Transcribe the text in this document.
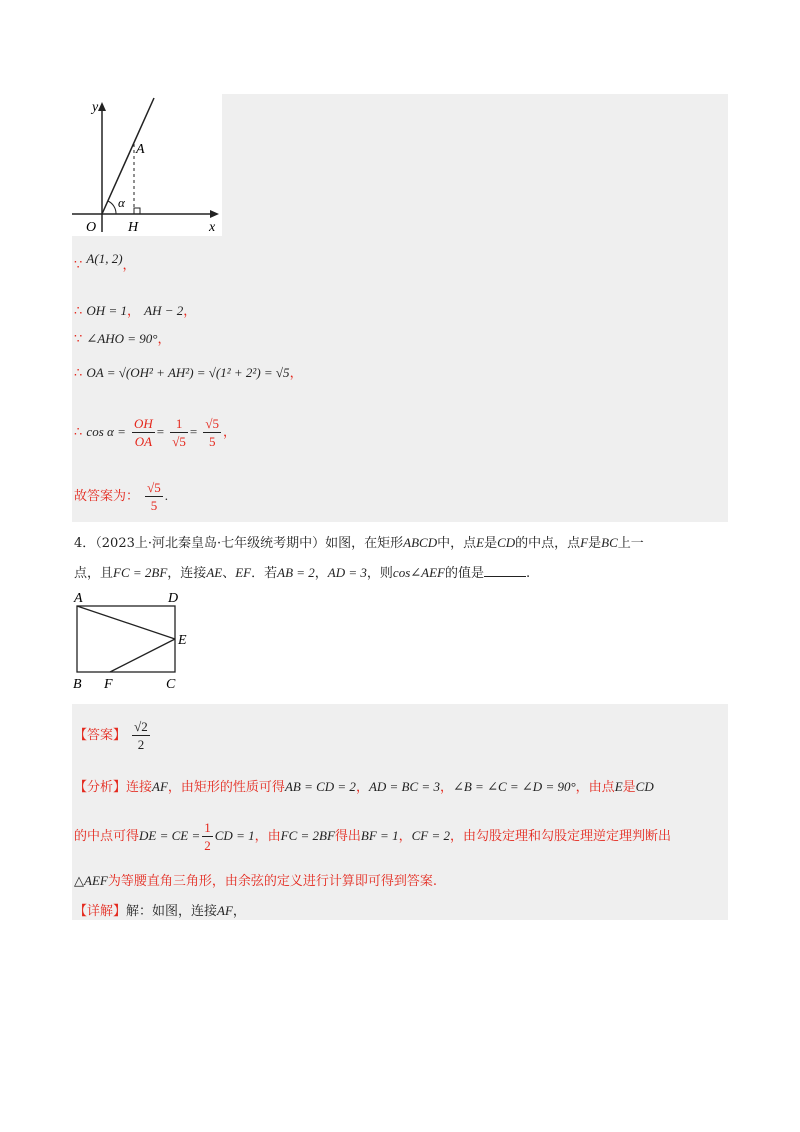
y
A
α
O H	x
∵ A(1, 2)，
∴ OH = 1， AH − 2，
∵ ∠AHO = 90°，
∴ OA = √(OH² + AH²) = √(1² + 2²) = √5，
∴ $\cos \alpha = \frac{OH}{OA} = \frac{1}{√5} = \frac{√5}{5}$ ，
故答案为： $\frac{√5}{5}$ .
4．（2023上·河北秦皇岛·七年级统考期中）如图，在矩形ABCD中，点E是CD的中点，点F是BC上一
点，且FC = 2BF，连接AE、EF．若AB = 2，AD = 3，则cos∠AEF的值是	.
A	D
E
B F	C
【答案】 $\frac{√2}{2}$
【分析】连接AF，由矩形的性质可得AB = CD = 2，AD = BC = 3，∠B = ∠C = ∠D = 90°，由点E是CD
的中点可得DE = CE = $\frac{1}{2}$ CD = 1，由FC = 2BF得出BF = 1，CF = 2，由勾股定理和勾股定理逆定理判断出
△AEF为等腰直角三角形，由余弦的定义进行计算即可得到答案.
【详解】解：如图，连接AF，
